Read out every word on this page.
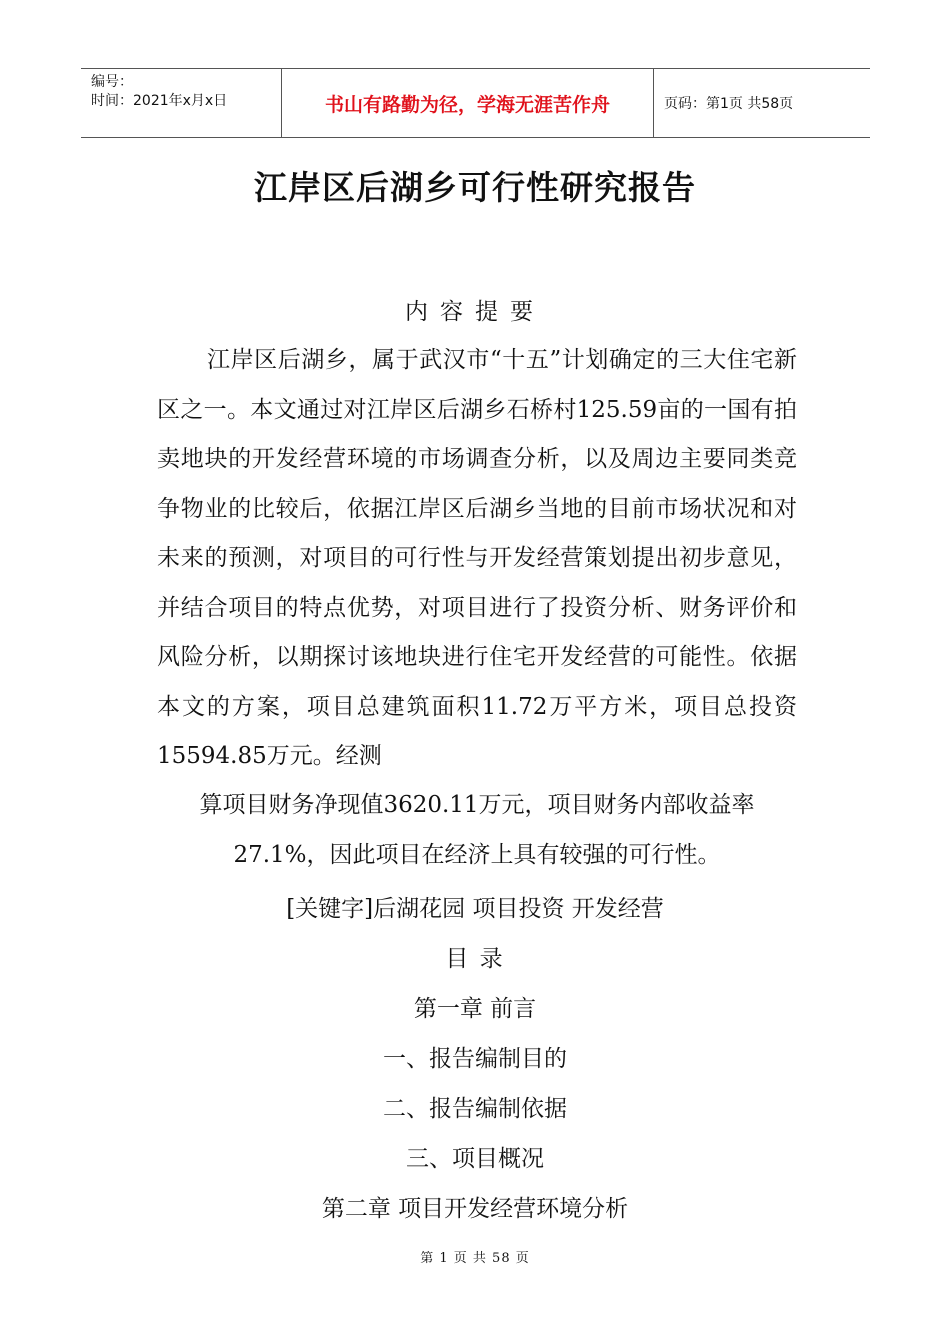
编号：
时间：2021年x月x日	书山有路勤为径，学海无涯苦作舟	页码：第1页 共58页
江岸区后湖乡可行性研究报告
内容提要
江岸区后湖乡，属于武汉市“十五”计划确定的三大住宅新区之一。本文通过对江岸区后湖乡石桥村125.59亩的一国有拍卖地块的开发经营环境的市场调查分析，以及周边主要同类竞争物业的比较后，依据江岸区后湖乡当地的目前市场状况和对未来的预测，对项目的可行性与开发经营策划提出初步意见，并结合项目的特点优势，对项目进行了投资分析、财务评价和风险分析，以期探讨该地块进行住宅开发经营的可能性。依据本文的方案，项目总建筑面积11.72万平方米，项目总投资15594.85万元。经测
算项目财务净现值3620.11万元，项目财务内部收益率
27.1%，因此项目在经济上具有较强的可行性。
[关键字]后湖花园 项目投资 开发经营
目 录
第一章 前言
一、报告编制目的
二、报告编制依据
三、项目概况
第二章 项目开发经营环境分析
第 1 页 共 58 页
